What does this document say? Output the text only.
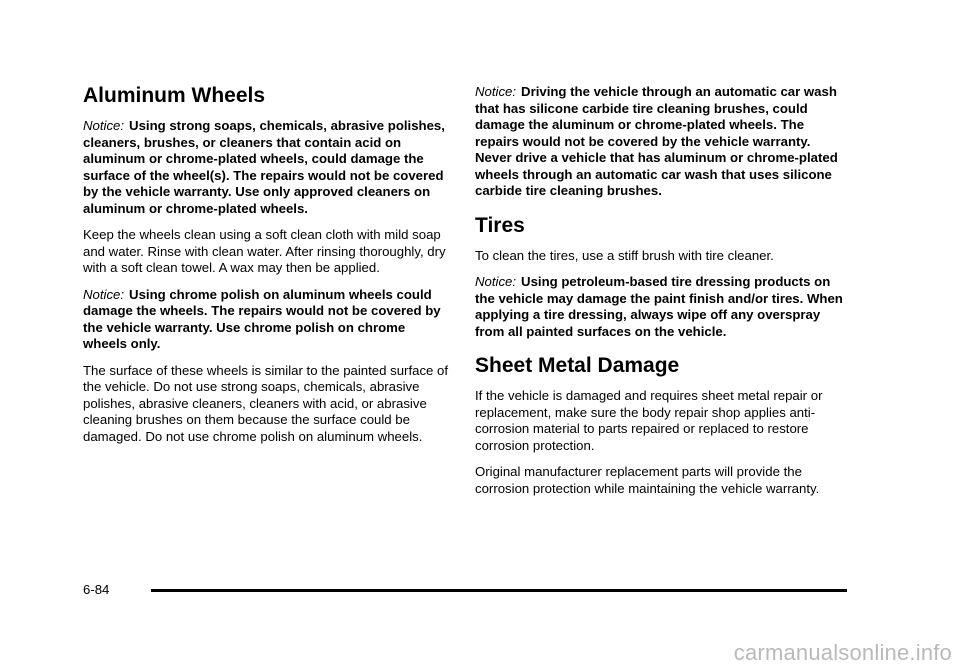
Aluminum Wheels

Notice: Using strong soaps, chemicals, abrasive polishes, cleaners, brushes, or cleaners that contain acid on aluminum or chrome-plated wheels, could damage the surface of the wheel(s). The repairs would not be covered by the vehicle warranty. Use only approved cleaners on aluminum or chrome-plated wheels.

Keep the wheels clean using a soft clean cloth with mild soap and water. Rinse with clean water. After rinsing thoroughly, dry with a soft clean towel. A wax may then be applied.

Notice: Using chrome polish on aluminum wheels could damage the wheels. The repairs would not be covered by the vehicle warranty. Use chrome polish on chrome wheels only.

The surface of these wheels is similar to the painted surface of the vehicle. Do not use strong soaps, chemicals, abrasive polishes, abrasive cleaners, cleaners with acid, or abrasive cleaning brushes on them because the surface could be damaged. Do not use chrome polish on aluminum wheels.

Notice: Driving the vehicle through an automatic car wash that has silicone carbide tire cleaning brushes, could damage the aluminum or chrome-plated wheels. The repairs would not be covered by the vehicle warranty. Never drive a vehicle that has aluminum or chrome-plated wheels through an automatic car wash that uses silicone carbide tire cleaning brushes.

Tires

To clean the tires, use a stiff brush with tire cleaner.

Notice: Using petroleum-based tire dressing products on the vehicle may damage the paint finish and/or tires. When applying a tire dressing, always wipe off any overspray from all painted surfaces on the vehicle.

Sheet Metal Damage

If the vehicle is damaged and requires sheet metal repair or replacement, make sure the body repair shop applies anti-corrosion material to parts repaired or replaced to restore corrosion protection.

Original manufacturer replacement parts will provide the corrosion protection while maintaining the vehicle warranty.

6-84
carmanualsonline.info
